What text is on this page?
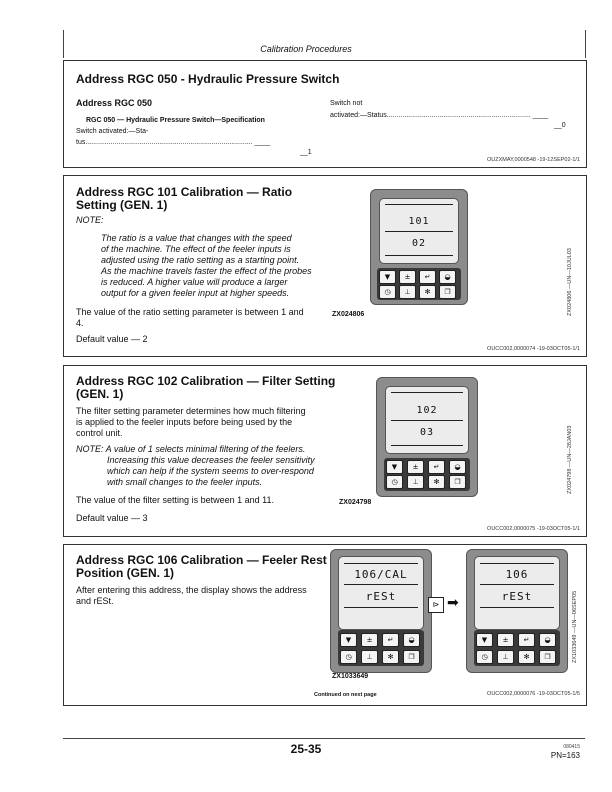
Calibration Procedures
Address RGC 050 - Hydraulic Pressure Switch
Address RGC 050
RGC 050 — Hydraulic Pressure Switch—Specification
Switch activated:—Sta-
tus...................................................................................... ____
__1
Switch not
activated:—Status.......................................................................... ____
__0
OUZXMAY,0000548 -19-12SEP02-1/1
Address RGC 101 Calibration — Ratio
Setting (GEN. 1)
NOTE:
The ratio is a value that changes with the speed
of the machine. The effect of the feeler inputs is
adjusted using the ratio setting as a starting point.
As the machine travels faster the effect of the probes
is reduced. A higher value will produce a larger
output for a given feeler input at higher speeds.
The value of the ratio setting parameter is between 1 and
4.
Default value — 2
101
02
▼	±	↵	◒
◷	⊥	✻	❐
ZX024806	ZX024806 —UN—10JUL03
OUCC002,0000074 -19-03OCT05-1/1
Address RGC 102 Calibration — Filter Setting
(GEN. 1)
The filter setting parameter determines how much filtering
is applied to the feeler inputs before being used by the
control unit.
NOTE: A value of 1 selects minimal filtering of the feelers.
Increasing this value decreases the feeler sensitivity
which can help if the system seems to over-respond
with small changes to the feeler inputs.
The value of the filter setting is between 1 and 11.
Default value — 3
102
03
▼	±	↵	◒
◷	⊥	✻	❐
ZX024798
ZX024798 —UN—28JAN03
OUCC002,0000075 -19-03OCT05-1/1
Address RGC 106 Calibration — Feeler Rest
Position (GEN. 1)
After entering this address, the display shows the address
and rESt.
106/CAL
rESt
▼	±	↵	◒
◷	⊥	✻	❐
⊳ ➡
106
rESt
▼	±	↵	◒
◷	⊥	✻	❐
ZX1033649
ZX1033649 —UN—06SEP05
Continued on next page	OUCC002,0000076 -19-03OCT05-1/5
25-35	080415
PN=163
